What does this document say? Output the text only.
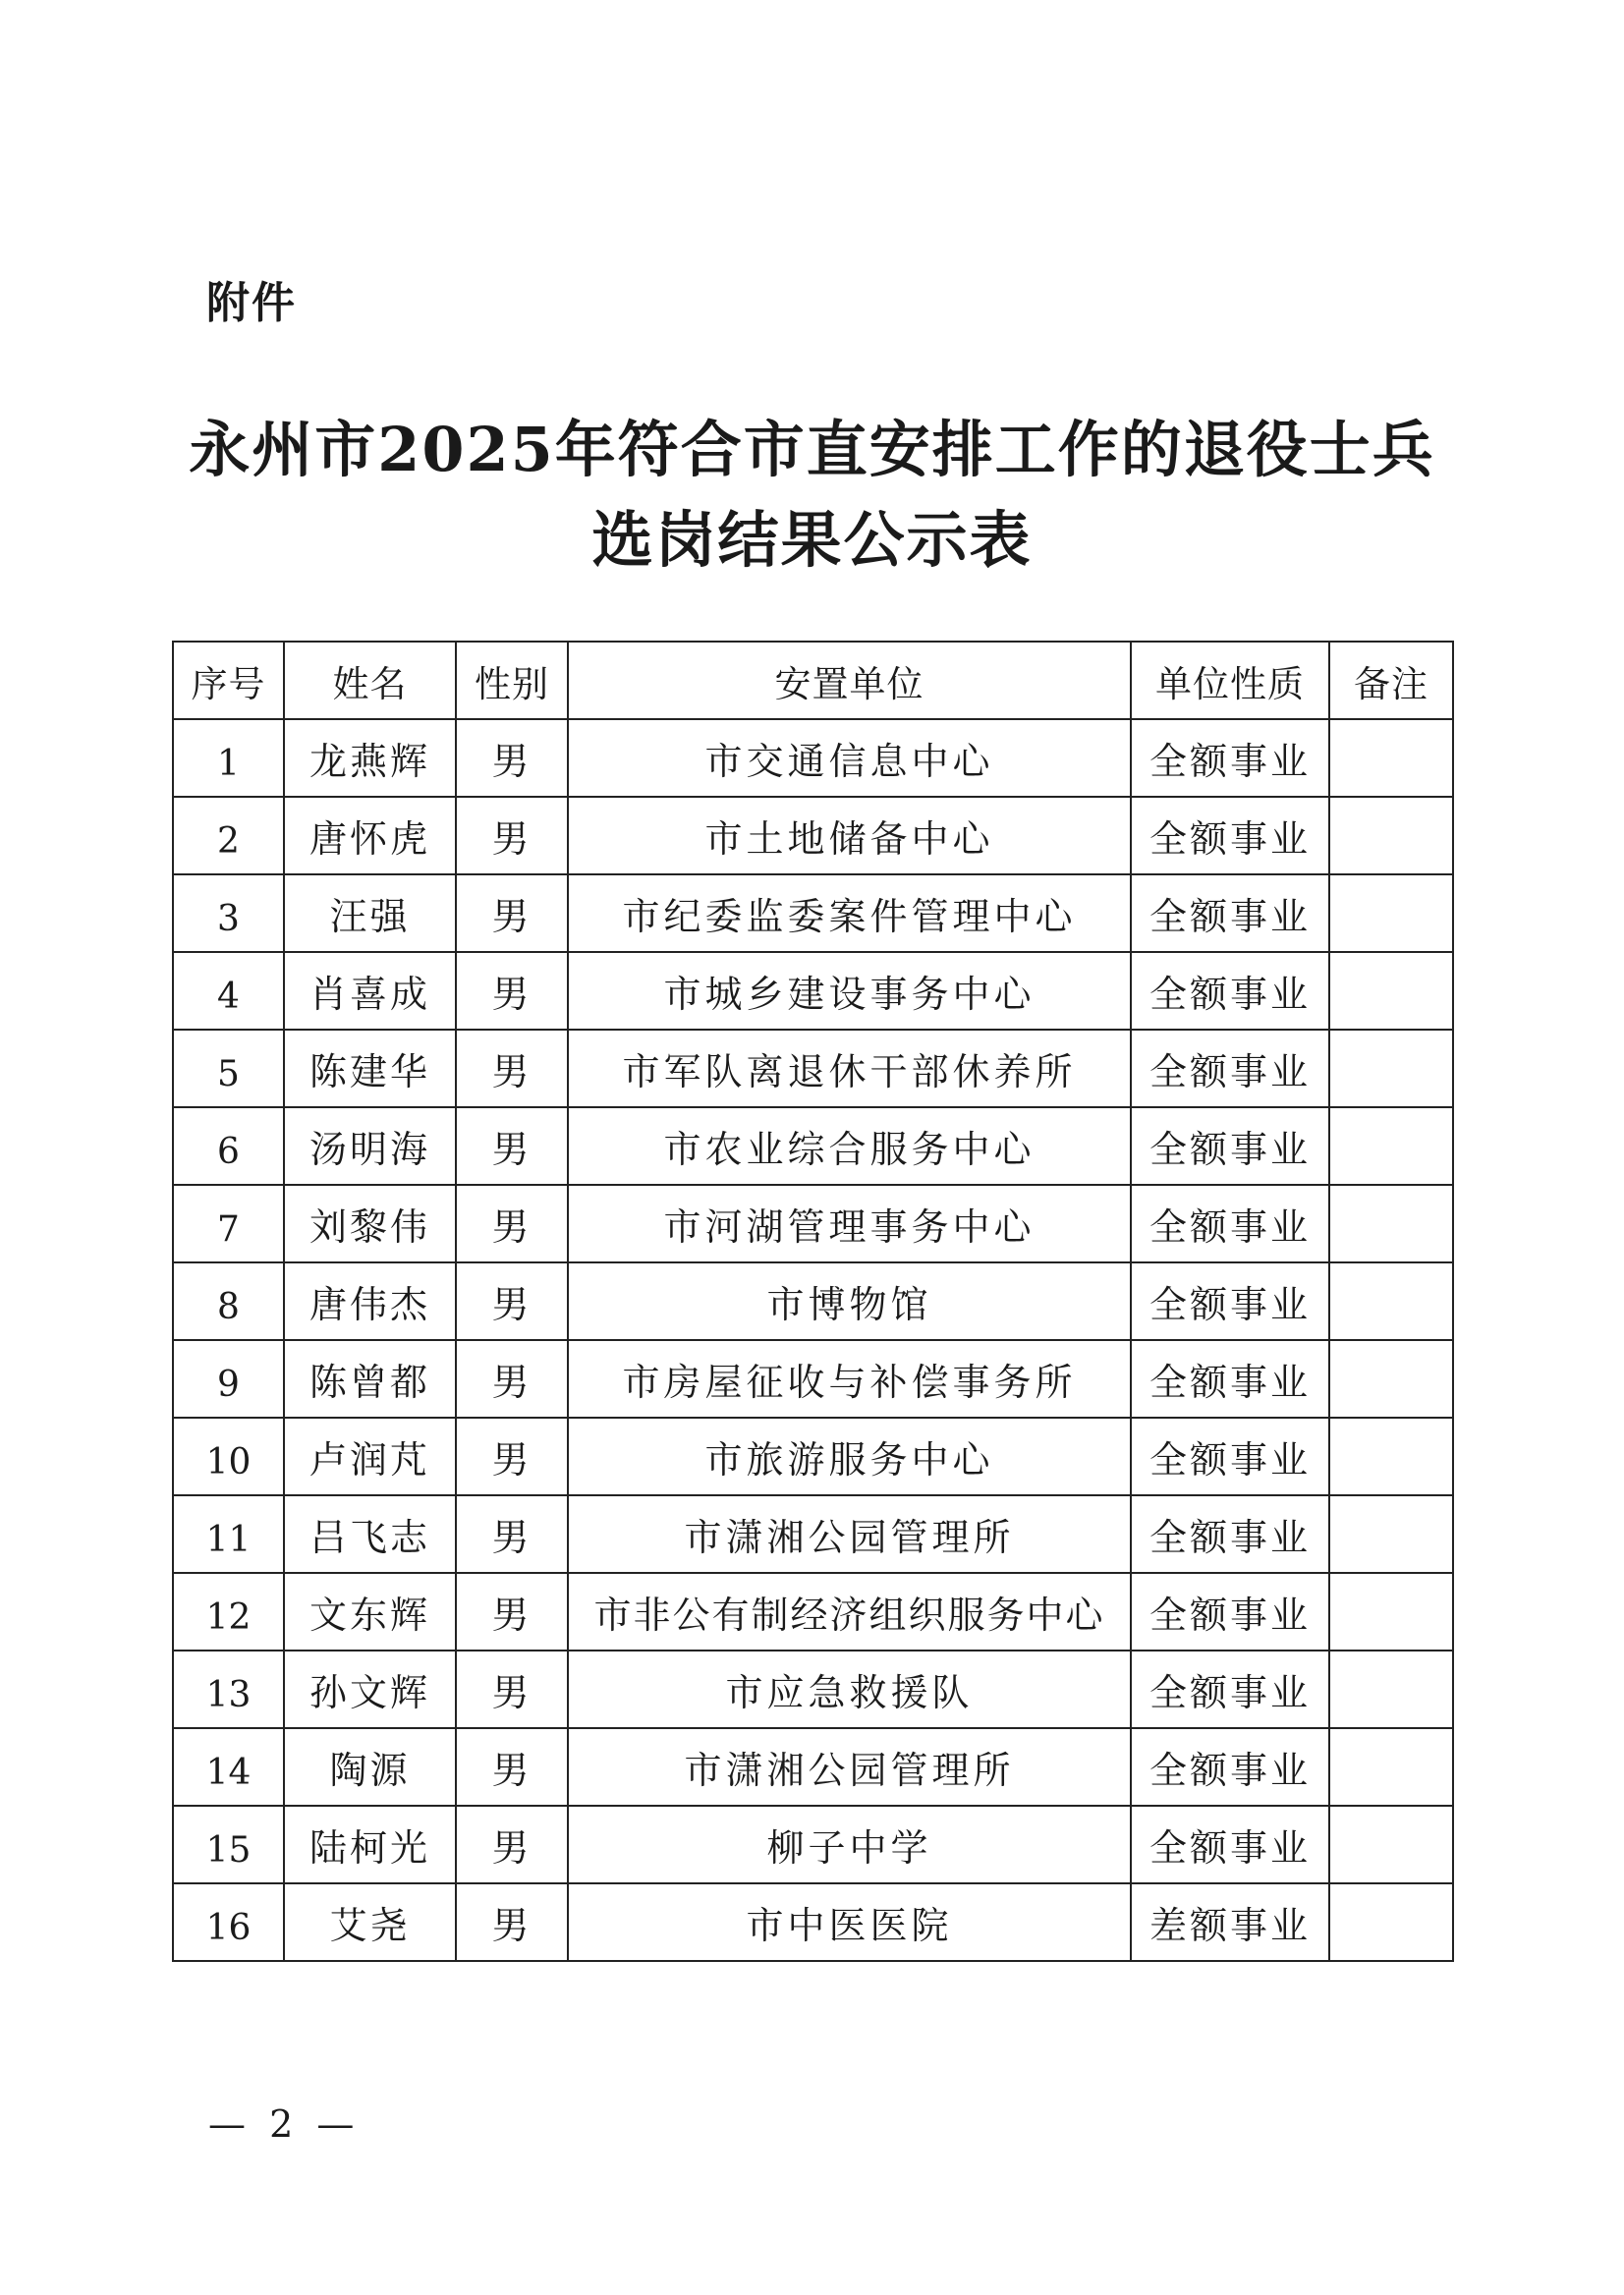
附件
永州市2025年符合市直安排工作的退役士兵
选岗结果公示表
序号	姓名	性别	安置单位	单位性质	备注
1	龙燕辉	男	市交通信息中心	全额事业	
2	唐怀虎	男	市土地储备中心	全额事业	
3	汪强	男	市纪委监委案件管理中心	全额事业	
4	肖喜成	男	市城乡建设事务中心	全额事业	
5	陈建华	男	市军队离退休干部休养所	全额事业	
6	汤明海	男	市农业综合服务中心	全额事业	
7	刘黎伟	男	市河湖管理事务中心	全额事业	
8	唐伟杰	男	市博物馆	全额事业	
9	陈曾都	男	市房屋征收与补偿事务所	全额事业	
10	卢润芃	男	市旅游服务中心	全额事业	
11	吕飞志	男	市潇湘公园管理所	全额事业	
12	文东辉	男	市非公有制经济组织服务中心	全额事业	
13	孙文辉	男	市应急救援队	全额事业	
14	陶源	男	市潇湘公园管理所	全额事业	
15	陆柯光	男	柳子中学	全额事业	
16	艾尧	男	市中医医院	差额事业	
— 2 —
